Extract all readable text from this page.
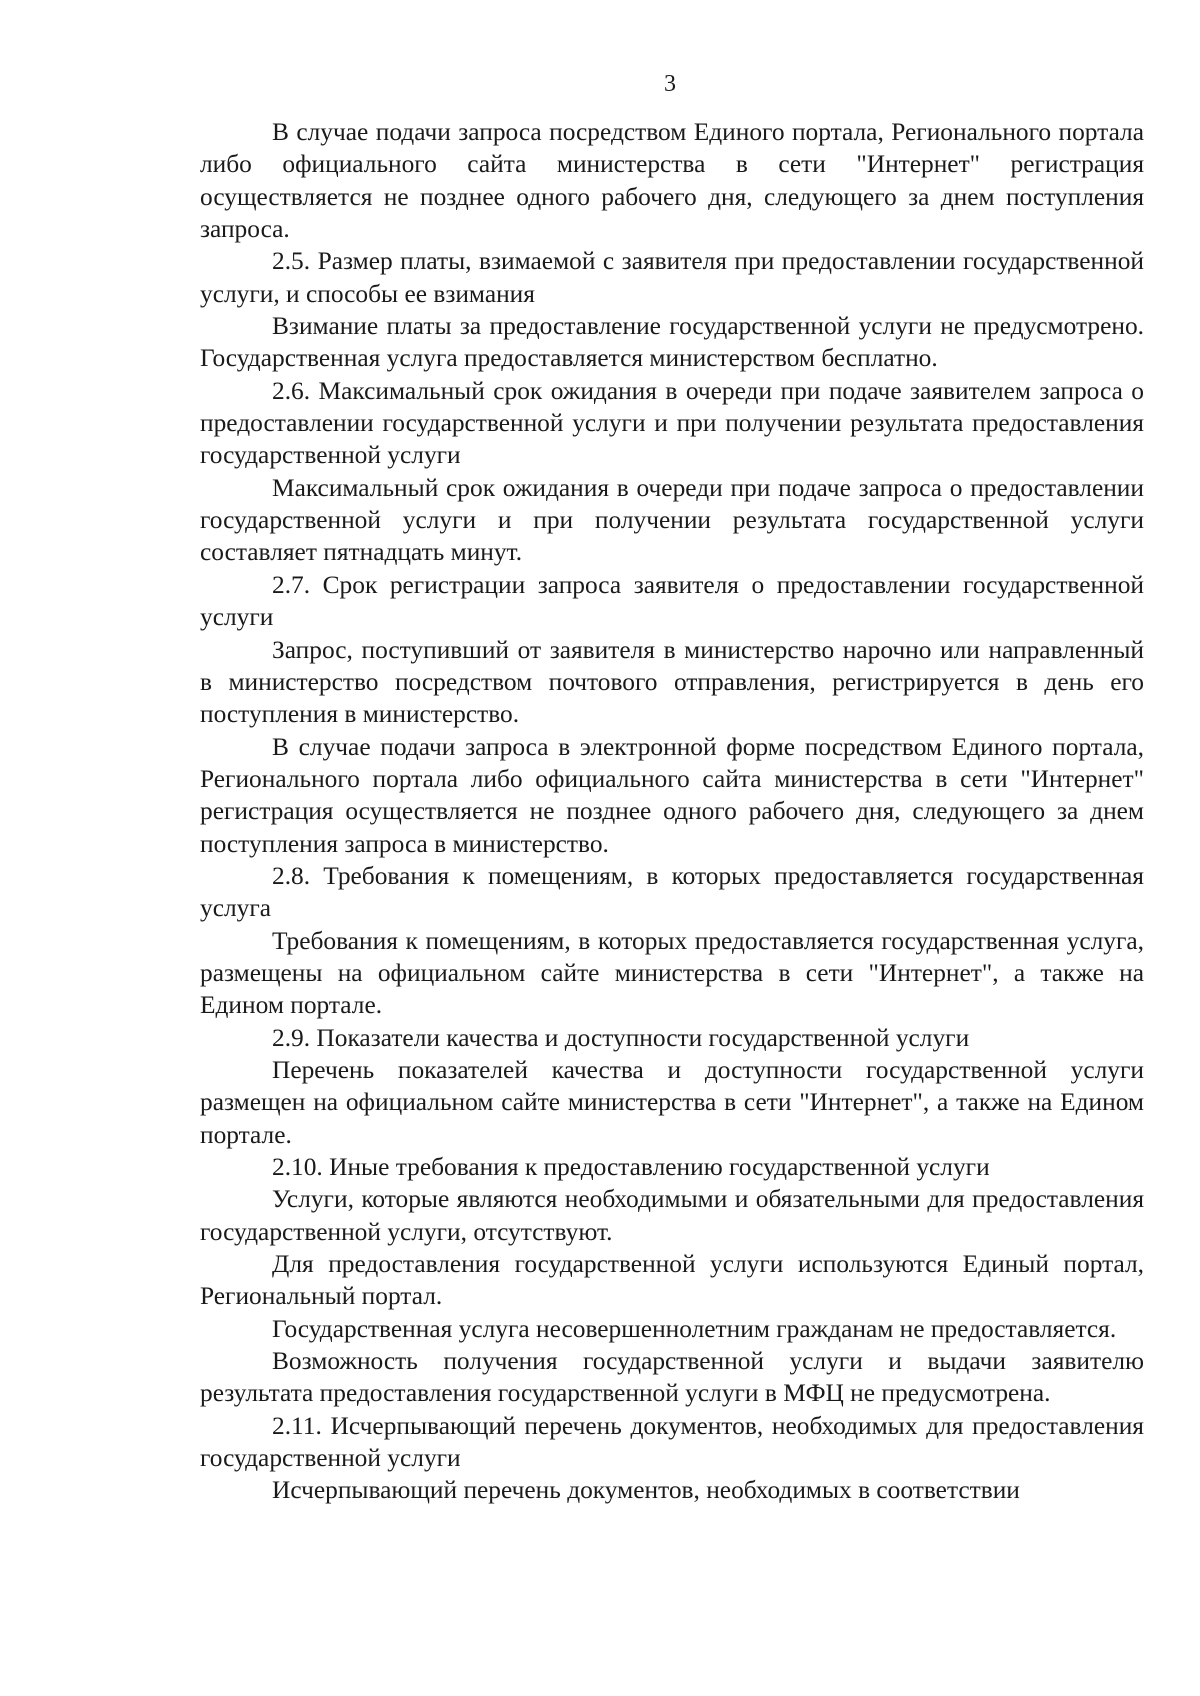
3

В случае подачи запроса посредством Единого портала, Регионального портала либо официального сайта министерства в сети "Интернет" регистрация осуществляется не позднее одного рабочего дня, следующего за днем поступления запроса.

2.5. Размер платы, взимаемой с заявителя при предоставлении государственной услуги, и способы ее взимания

Взимание платы за предоставление государственной услуги не предусмотрено. Государственная услуга предоставляется министерством бесплатно.

2.6. Максимальный срок ожидания в очереди при подаче заявителем запроса о предоставлении государственной услуги и при получении результата предоставления государственной услуги

Максимальный срок ожидания в очереди при подаче запроса о предоставлении государственной услуги и при получении результата государственной услуги составляет пятнадцать минут.

2.7. Срок регистрации запроса заявителя о предоставлении государственной услуги

Запрос, поступивший от заявителя в министерство нарочно или направленный в министерство посредством почтового отправления, регистрируется в день его поступления в министерство.

В случае подачи запроса в электронной форме посредством Единого портала, Регионального портала либо официального сайта министерства в сети "Интернет" регистрация осуществляется не позднее одного рабочего дня, следующего за днем поступления запроса в министерство.

2.8. Требования к помещениям, в которых предоставляется государственная услуга

Требования к помещениям, в которых предоставляется государственная услуга, размещены на официальном сайте министерства в сети "Интернет", а также на Едином портале.

2.9. Показатели качества и доступности государственной услуги

Перечень показателей качества и доступности государственной услуги размещен на официальном сайте министерства в сети "Интернет", а также на Едином портале.

2.10. Иные требования к предоставлению государственной услуги

Услуги, которые являются необходимыми и обязательными для предоставления государственной услуги, отсутствуют.

Для предоставления государственной услуги используются Единый портал, Региональный портал.

Государственная услуга несовершеннолетним гражданам не предоставляется.

Возможность получения государственной услуги и выдачи заявителю результата предоставления государственной услуги в МФЦ не предусмотрена.

2.11. Исчерпывающий перечень документов, необходимых для предоставления государственной услуги

Исчерпывающий перечень документов, необходимых в соответствии
